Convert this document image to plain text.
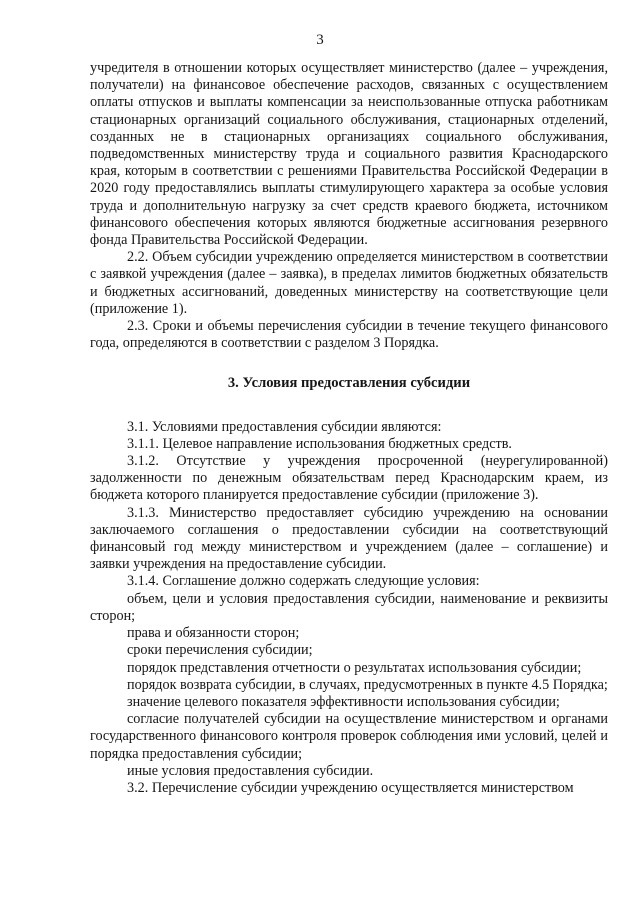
3

учредителя в отношении которых осуществляет министерство (далее – учреждения, получатели) на финансовое обеспечение расходов, связанных с осуществлением оплаты отпусков и выплаты компенсации за неиспользованные отпуска работникам стационарных организаций социального обслуживания, стационарных отделений, созданных не в стационарных организациях социального обслуживания, подведомственных министерству труда и социального развития Краснодарского края, которым в соответствии с решениями Правительства Российской Федерации в 2020 году предоставлялись выплаты стимулирующего характера за особые условия труда и дополнительную нагрузку за счет средств краевого бюджета, источником финансового обеспечения которых являются бюджетные ассигнования резервного фонда Правительства Российской Федерации.

2.2. Объем субсидии учреждению определяется министерством в соответствии с заявкой учреждения (далее – заявка), в пределах лимитов бюджетных обязательств и бюджетных ассигнований, доведенных министерству на соответствующие цели (приложение 1).

2.3. Сроки и объемы перечисления субсидии в течение текущего финансового года, определяются в соответствии с разделом 3 Порядка.

3. Условия предоставления субсидии

3.1. Условиями предоставления субсидии являются:

3.1.1. Целевое направление использования бюджетных средств.

3.1.2. Отсутствие у учреждения просроченной (неурегулированной) задолженности по денежным обязательствам перед Краснодарским краем, из бюджета которого планируется предоставление субсидии (приложение 3).

3.1.3. Министерство предоставляет субсидию учреждению на основании заключаемого соглашения о предоставлении субсидии на соответствующий финансовый год между министерством и учреждением (далее – соглашение) и заявки учреждения на предоставление субсидии.

3.1.4. Соглашение должно содержать следующие условия:

объем, цели и условия предоставления субсидии, наименование и реквизиты сторон;

права и обязанности сторон;

сроки перечисления субсидии;

порядок представления отчетности о результатах использования субсидии;

порядок возврата субсидии, в случаях, предусмотренных в пункте 4.5 Порядка;

значение целевого показателя эффективности использования субсидии;

согласие получателей субсидии на осуществление министерством и органами государственного финансового контроля проверок соблюдения ими условий, целей и порядка предоставления субсидии;

иные условия предоставления субсидии.

3.2. Перечисление субсидии учреждению осуществляется министерством
